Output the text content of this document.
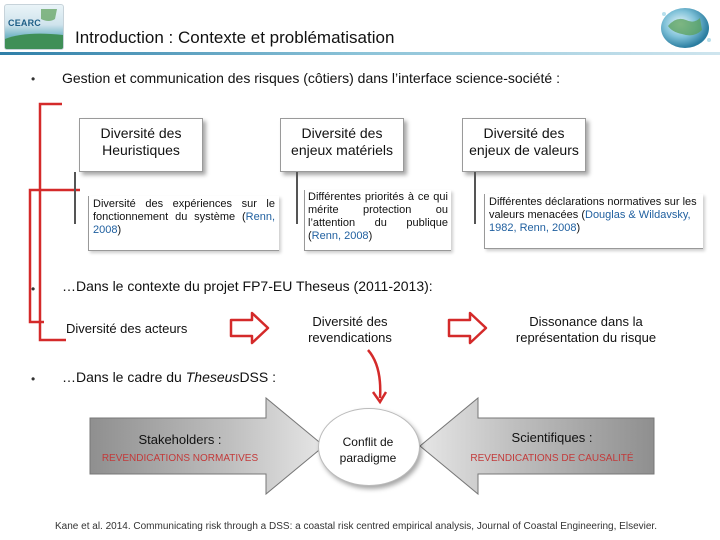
CEARC
Introduction : Contexte et problématisation
• Gestion et communication des risques (côtiers) dans l’interface science-société :
Diversité des
Heuristiques
Diversité des
enjeux matériels
Diversité des
enjeux de valeurs
Diversité des expériences sur le fonctionnement du système (Renn, 2008)
Différentes priorités à ce qui mérite protection ou l’attention du publique (Renn, 2008)
Différentes déclarations normatives sur les valeurs menacées (Douglas & Wildavsky, 1982, Renn, 2008)
• …Dans le contexte du projet FP7-EU Theseus (2011-2013):
Diversité des acteurs	Diversité des
revendications
Dissonance dans la
représentation du risque
• …Dans le cadre du TheseusDSS :
Stakeholders :
REVENDICATIONS NORMATIVES
Scientifiques :
REVENDICATIONS DE CAUSALITÉ
Conflit de
paradigme
Kane et al. 2014. Communicating risk through a DSS: a coastal risk centred empirical analysis, Journal of Coastal Engineering, Elsevier.
